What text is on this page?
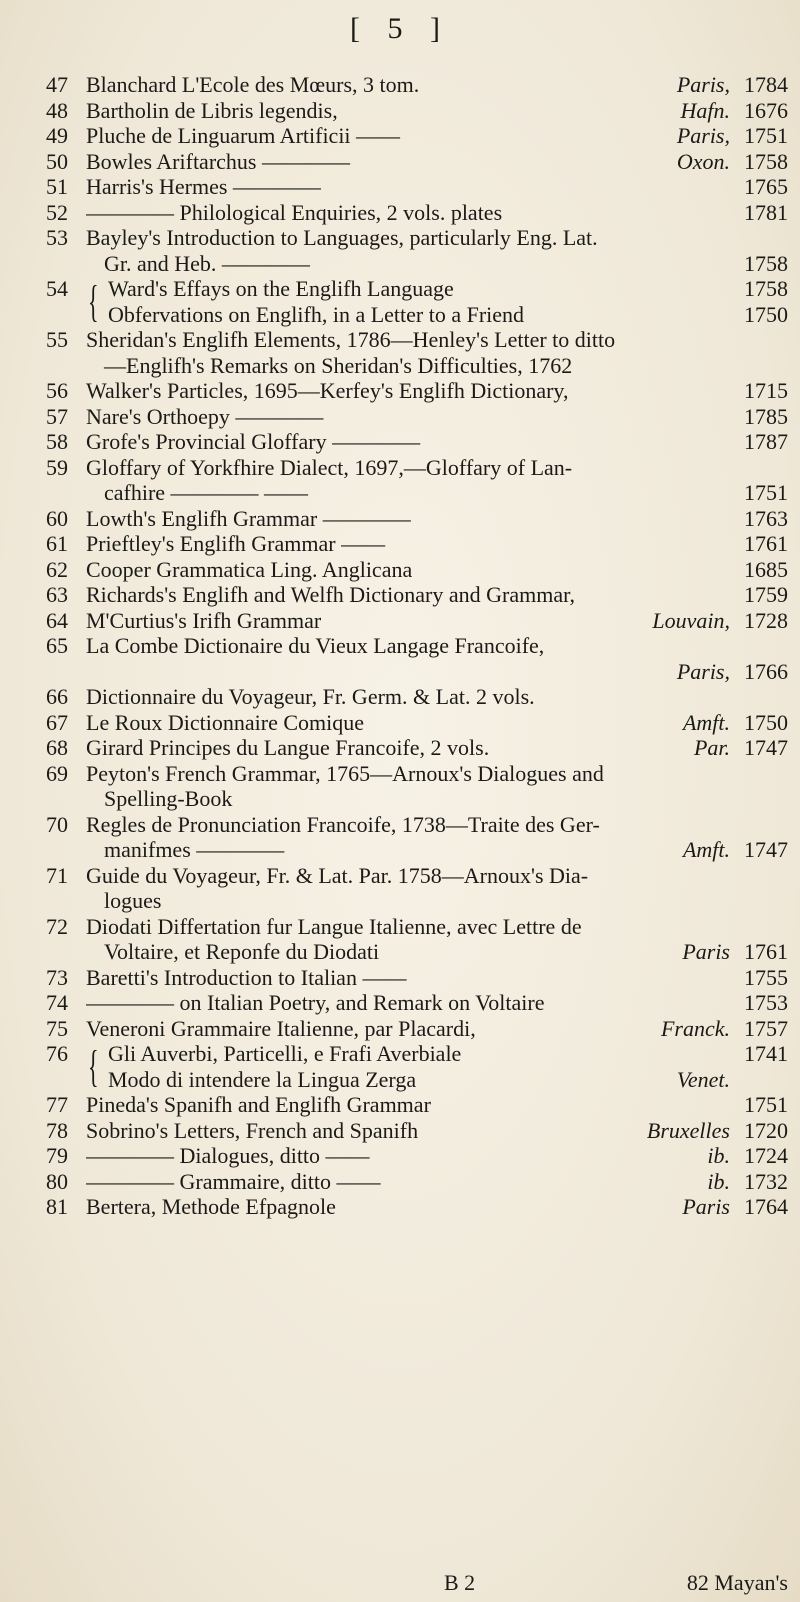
[ 5 ]
47 Blanchard L'Ecole des Mœurs, 3 tom.	Paris, 1784
48 Bartholin de Libris legendis,	Hafn. 1676
49 Pluche de Linguarum Artificii ——	Paris, 1751
50 Bowles Ariftarchus ————	Oxon. 1758
51 Harris's Hermes ————	1765
52 ———— Philological Enquiries, 2 vols. plates	1781
53 Bayley's Introduction to Languages, particularly Eng. Lat.
Gr. and Heb. ————	1758
54 { Ward's Effays on the Englifh Language	1758
Obfervations on Englifh, in a Letter to a Friend	1750
55 Sheridan's Englifh Elements, 1786—Henley's Letter to ditto
—Englifh's Remarks on Sheridan's Difficulties, 1762
56 Walker's Particles, 1695—Kerfey's Englifh Dictionary,	1715
57 Nare's Orthoepy ————	1785
58 Grofe's Provincial Gloffary ————	1787
59 Gloffary of Yorkfhire Dialect, 1697,—Gloffary of Lan-
cafhire ———— ——	1751
60 Lowth's Englifh Grammar ————	1763
61 Prieftley's Englifh Grammar ——	1761
62 Cooper Grammatica Ling. Anglicana	1685
63 Richards's Englifh and Welfh Dictionary and Grammar,	1759
64 M'Curtius's Irifh Grammar	Louvain, 1728
65 La Combe Dictionaire du Vieux Langage Francoife,
Paris, 1766
66 Dictionnaire du Voyageur, Fr. Germ. & Lat. 2 vols.
67 Le Roux Dictionnaire Comique	Amft. 1750
68 Girard Principes du Langue Francoife, 2 vols.	Par. 1747
69 Peyton's French Grammar, 1765—Arnoux's Dialogues and
Spelling-Book
70 Regles de Pronunciation Francoife, 1738—Traite des Ger-
manifmes ————	Amft. 1747
71 Guide du Voyageur, Fr. & Lat. Par. 1758—Arnoux's Dia-
logues
72 Diodati Differtation fur Langue Italienne, avec Lettre de
Voltaire, et Reponfe du Diodati	Paris 1761
73 Baretti's Introduction to Italian ——	1755
74 ———— on Italian Poetry, and Remark on Voltaire	1753
75 Veneroni Grammaire Italienne, par Placardi,	Franck. 1757
76 { Gli Auverbi, Particelli, e Frafi Averbiale	1741
Modo di intendere la Lingua Zerga	Venet.
77 Pineda's Spanifh and Englifh Grammar	1751
78 Sobrino's Letters, French and Spanifh	Bruxelles 1720
79 ———— Dialogues, ditto ——	ib. 1724
80 ———— Grammaire, ditto ——	ib. 1732
81 Bertera, Methode Efpagnole	Paris 1764
B 2	82 Mayan's
